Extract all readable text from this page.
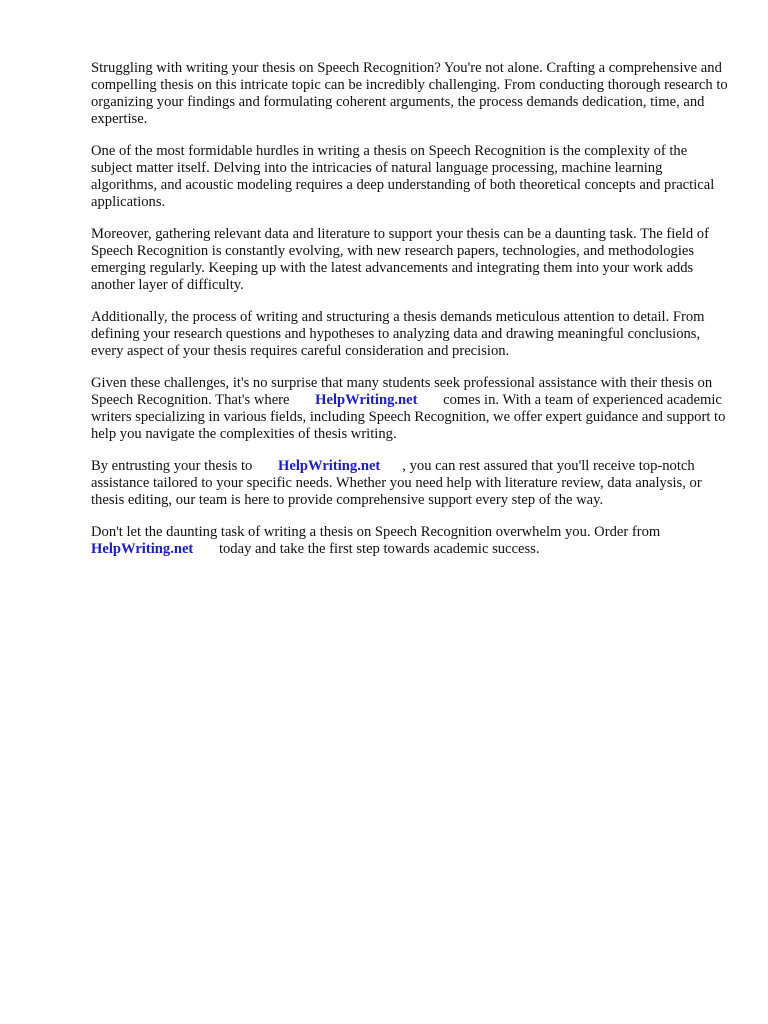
Struggling with writing your thesis on Speech Recognition? You're not alone. Crafting a comprehensive and compelling thesis on this intricate topic can be incredibly challenging. From conducting thorough research to organizing your findings and formulating coherent arguments, the process demands dedication, time, and expertise.

One of the most formidable hurdles in writing a thesis on Speech Recognition is the complexity of the subject matter itself. Delving into the intricacies of natural language processing, machine learning algorithms, and acoustic modeling requires a deep understanding of both theoretical concepts and practical applications.

Moreover, gathering relevant data and literature to support your thesis can be a daunting task. The field of Speech Recognition is constantly evolving, with new research papers, technologies, and methodologies emerging regularly. Keeping up with the latest advancements and integrating them into your work adds another layer of difficulty.

Additionally, the process of writing and structuring a thesis demands meticulous attention to detail. From defining your research questions and hypotheses to analyzing data and drawing meaningful conclusions, every aspect of your thesis requires careful consideration and precision.

Given these challenges, it's no surprise that many students seek professional assistance with their thesis on Speech Recognition. That's where HelpWriting.net comes in. With a team of experienced academic writers specializing in various fields, including Speech Recognition, we offer expert guidance and support to help you navigate the complexities of thesis writing.

By entrusting your thesis to HelpWriting.net , you can rest assured that you'll receive top-notch assistance tailored to your specific needs. Whether you need help with literature review, data analysis, or thesis editing, our team is here to provide comprehensive support every step of the way.

Don't let the daunting task of writing a thesis on Speech Recognition overwhelm you. Order from HelpWriting.net today and take the first step towards academic success.
